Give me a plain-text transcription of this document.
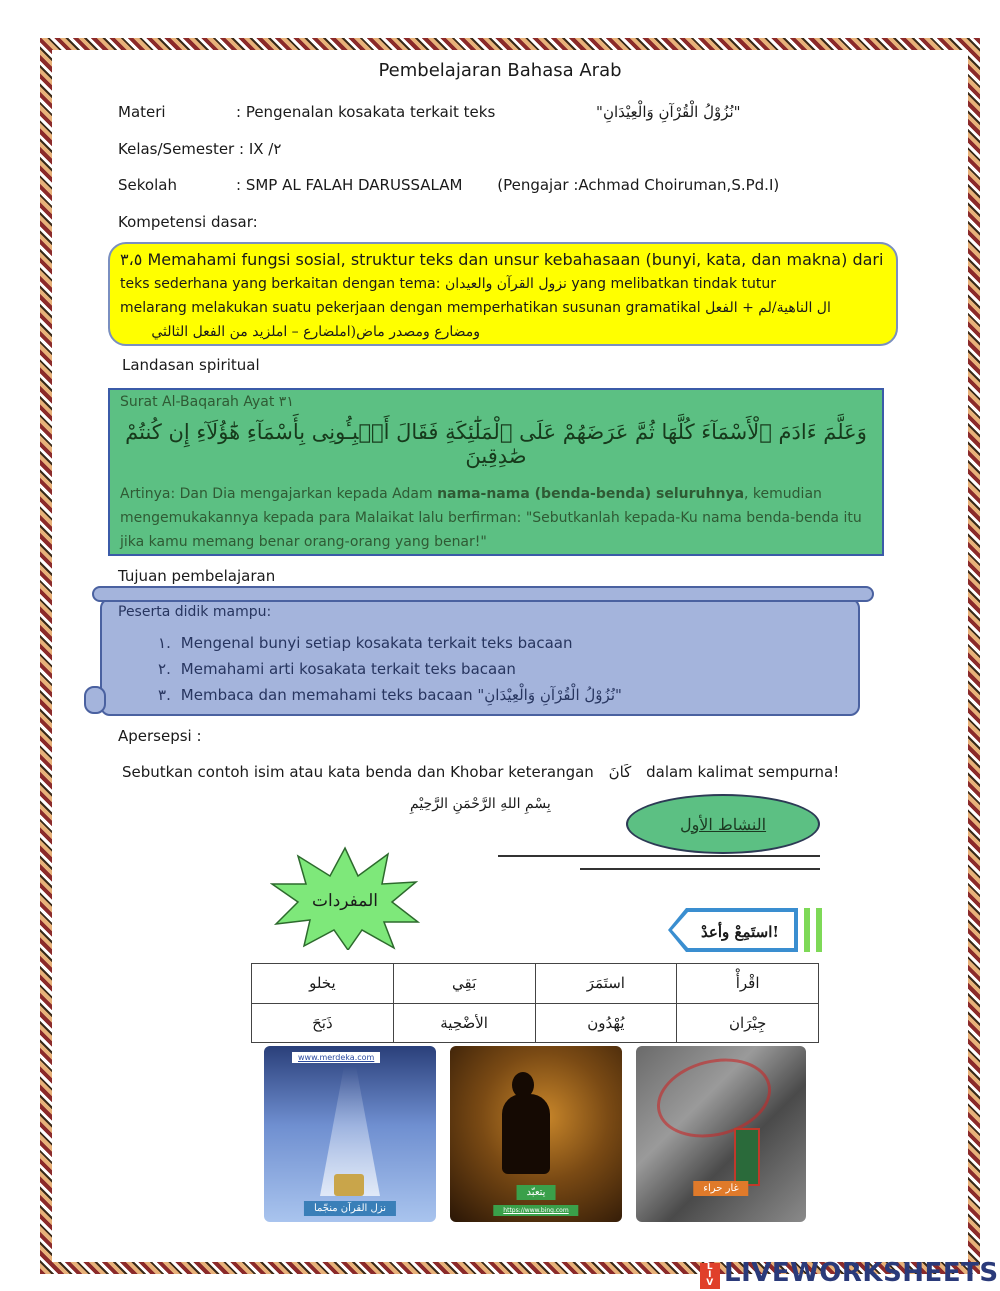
Pembelajaran Bahasa Arab
Materi	: Pengenalan kosakata terkait teks	"نُزُوْلُ الْقُرْآنِ وَالْعِيْدَانِ"
Kelas/Semester : IX /٢
Sekolah	: SMP AL FALAH DARUSSALAM (Pengajar :Achmad Choiruman,S.Pd.I)
Kompetensi dasar:
٣،٥ Memahami fungsi sosial, struktur teks dan unsur kebahasaan (bunyi, kata, dan makna) dari
teks sederhana yang berkaitan dengan tema: نزول القرآن والعيدان yang melibatkan tindak tutur
melarang melakukan suatu pekerjaan dengan memperhatikan susunan gramatikal ال الناهية/لم + الفعل
ومضارع ومصدر ماض(املضارع – املزيد من الفعل الثالثي
Landasan spiritual
Surat Al-Baqarah Ayat ٣١
وَعَلَّمَ ءَادَمَ ٱلْأَسْمَآءَ كُلَّهَا ثُمَّ عَرَضَهُمْ عَلَى ٱلْمَلَٰٓئِكَةِ فَقَالَ أَنۢبِـُٔونِى بِأَسْمَآءِ هَٰٓؤُلَآءِ إِن كُنتُمْ صَٰدِقِينَ
Artinya: Dan Dia mengajarkan kepada Adam nama-nama (benda-benda) seluruhnya, kemudian mengemukakannya kepada para Malaikat lalu berfirman: "Sebutkanlah kepada-Ku nama benda-benda itu jika kamu memang benar orang-orang yang benar!"
Tujuan pembelajaran
Peserta didik mampu:
١. Mengenal bunyi setiap kosakata terkait teks bacaan
٢. Memahami arti kosakata terkait teks bacaan
٣. Membaca dan memahami teks bacaan "نُزُوْلُ الْقُرْآنِ وَالْعِيْدَانِ"
Apersepsi :
Sebutkan contoh isim atau kata benda dan Khobar keterangan كَانَ dalam kalimat sempurna!
بِسْمِ اللهِ الرَّحْمَنِ الرَّحِيْمِ
النشاط الأول
المفردات
استَمِعْ وأعدْ!
يخلو	بَقِي	استَمَرَ	اقْرأْ
ذَبَحَ	الأضْحِية	يُهْدُون	جِيْرَان
www.merdeka.com
نزل القرآن منجّما
يتعبّد
https://www.bing.com
غار حراء
L
I
V LIVEWORKSHEETS
